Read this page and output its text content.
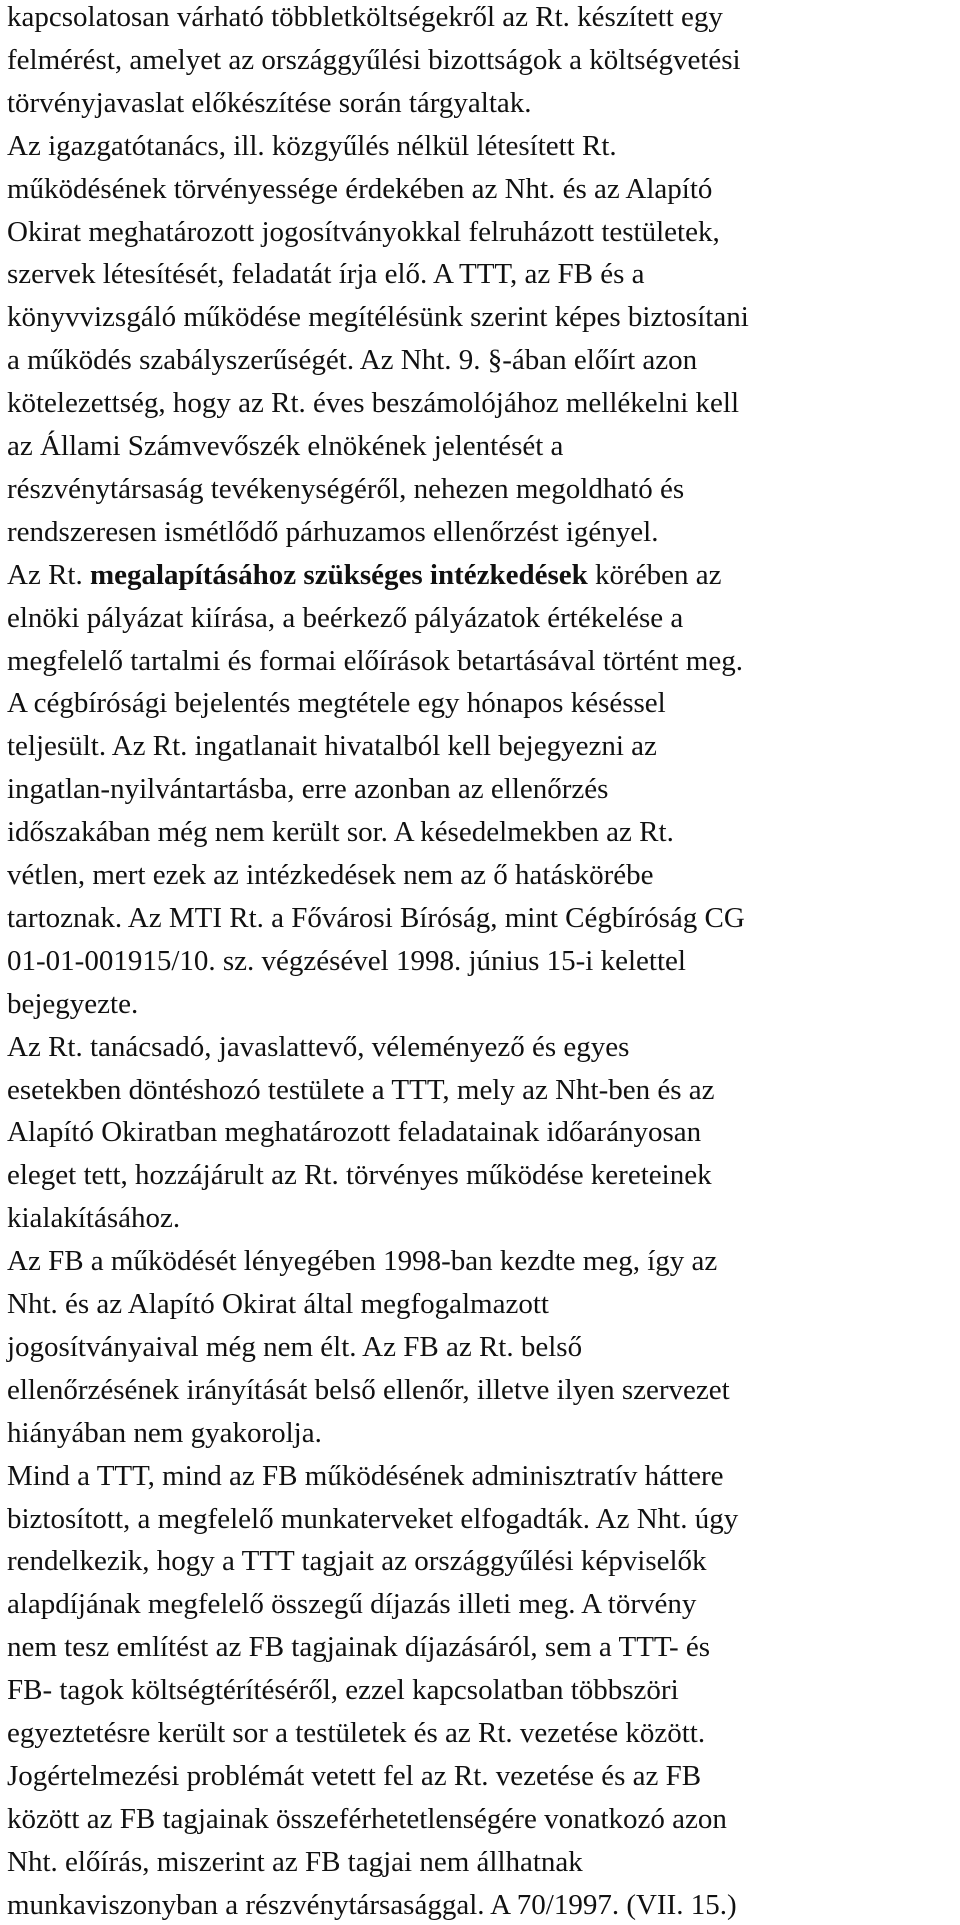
kapcsolatosan várható többletköltségekről az Rt. készített egy
felmérést, amelyet az országgyűlési bizottságok a költségvetési
törvényjavaslat előkészítése során tárgyaltak.
Az igazgatótanács, ill. közgyűlés nélkül létesített Rt.
működésének törvényessége érdekében az Nht. és az Alapító
Okirat meghatározott jogosítványokkal felruházott testületek,
szervek létesítését, feladatát írja elő. A TTT, az FB és a
könyvvizsgáló működése megítélésünk szerint képes biztosítani
a működés szabályszerűségét. Az Nht. 9. §-ában előírt azon
kötelezettség, hogy az Rt. éves beszámolójához mellékelni kell
az Állami Számvevőszék elnökének jelentését a
részvénytársaság tevékenységéről, nehezen megoldható és
rendszeresen ismétlődő párhuzamos ellenőrzést igényel.
Az Rt. megalapításához szükséges intézkedések körében az
elnöki pályázat kiírása, a beérkező pályázatok értékelése a
megfelelő tartalmi és formai előírások betartásával történt meg.
A cégbírósági bejelentés megtétele egy hónapos késéssel
teljesült. Az Rt. ingatlanait hivatalból kell bejegyezni az
ingatlan-nyilvántartásba, erre azonban az ellenőrzés
időszakában még nem került sor. A késedelmekben az Rt.
vétlen, mert ezek az intézkedések nem az ő hatáskörébe
tartoznak. Az MTI Rt. a Fővárosi Bíróság, mint Cégbíróság CG
01-01-001915/10. sz. végzésével 1998. június 15-i kelettel
bejegyezte.
Az Rt. tanácsadó, javaslattevő, véleményező és egyes
esetekben döntéshozó testülete a TTT, mely az Nht-ben és az
Alapító Okiratban meghatározott feladatainak időarányosan
eleget tett, hozzájárult az Rt. törvényes működése kereteinek
kialakításához.
Az FB a működését lényegében 1998-ban kezdte meg, így az
Nht. és az Alapító Okirat által megfogalmazott
jogosítványaival még nem élt. Az FB az Rt. belső
ellenőrzésének irányítását belső ellenőr, illetve ilyen szervezet
hiányában nem gyakorolja.
Mind a TTT, mind az FB működésének adminisztratív háttere
biztosított, a megfelelő munkaterveket elfogadták. Az Nht. úgy
rendelkezik, hogy a TTT tagjait az országgyűlési képviselők
alapdíjának megfelelő összegű díjazás illeti meg. A törvény
nem tesz említést az FB tagjainak díjazásáról, sem a TTT- és
FB- tagok költségtérítéséről, ezzel kapcsolatban többszöri
egyeztetésre került sor a testületek és az Rt. vezetése között.
Jogértelmezési problémát vetett fel az Rt. vezetése és az FB
között az FB tagjainak összeférhetetlenségére vonatkozó azon
Nht. előírás, miszerint az FB tagjai nem állhatnak
munkaviszonyban a részvénytársasággal. A 70/1997. (VII. 15.)
